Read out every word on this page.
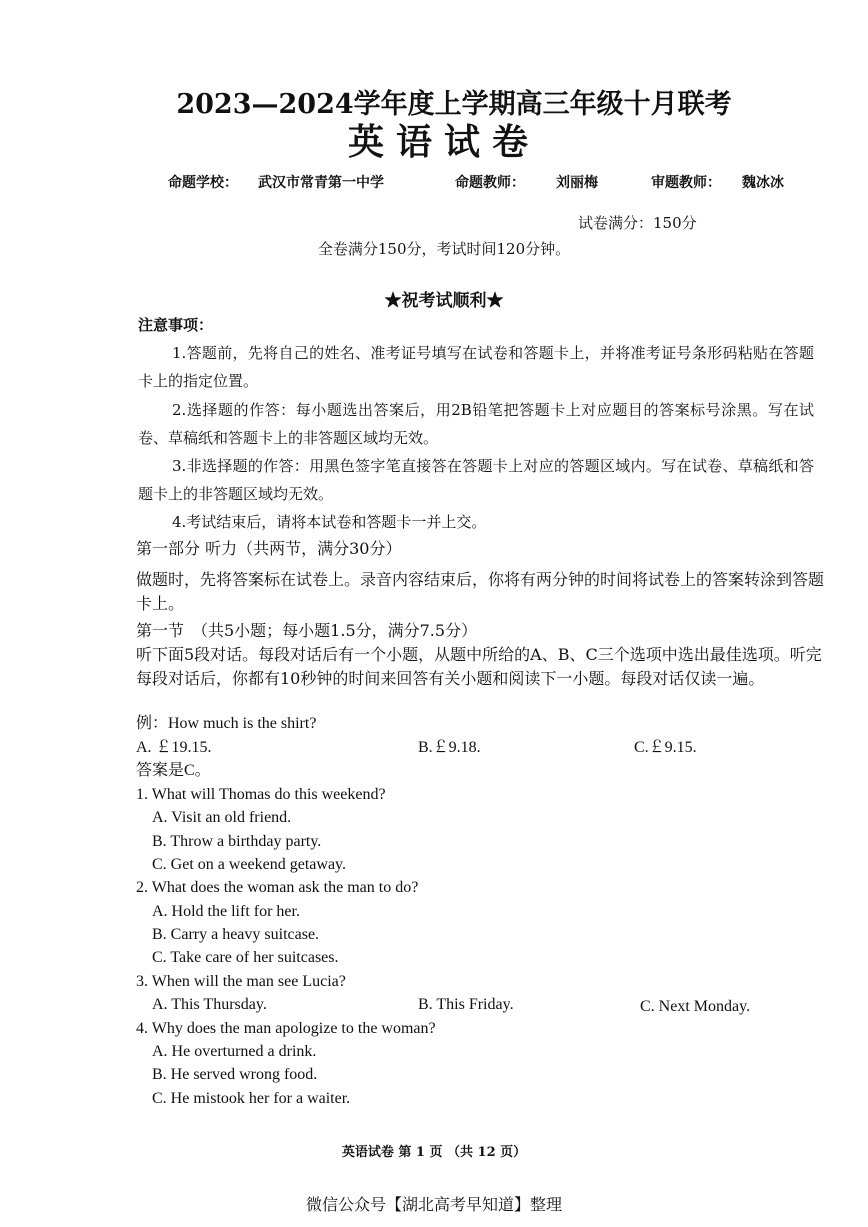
2023—2024学年度上学期高三年级十月联考
英语试卷
命题学校： 武汉市常青第一中学	命题教师： 刘丽梅	审题教师： 魏冰冰
试卷满分：150分
全卷满分150分，考试时间120分钟。
★祝考试顺利★
注意事项：
1.答题前，先将自己的姓名、准考证号填写在试卷和答题卡上，并将准考证号条形码粘贴在答题卡上的指定位置。
2.选择题的作答：每小题选出答案后，用2B铅笔把答题卡上对应题目的答案标号涂黑。写在试卷、草稿纸和答题卡上的非答题区域均无效。
3.非选择题的作答：用黑色签字笔直接答在答题卡上对应的答题区域内。写在试卷、草稿纸和答题卡上的非答题区域均无效。
4.考试结束后，请将本试卷和答题卡一并上交。
第一部分 听力（共两节，满分30分）
做题时，先将答案标在试卷上。录音内容结束后，你将有两分钟的时间将试卷上的答案转涂到答题卡上。
第一节　（共5小题；每小题1.5分，满分7.5分）
听下面5段对话。每段对话后有一个小题，从题中所给的A、B、C三个选项中选出最佳选项。听完每段对话后，你都有10秒钟的时间来回答有关小题和阅读下一小题。每段对话仅读一遍。
例：How much is the shirt?
A. ￡19.15.	B.￡9.18.	C.￡9.15.
答案是C。
1. What will Thomas do this weekend?
A. Visit an old friend.
B. Throw a birthday party.
C. Get on a weekend getaway.
2. What does the woman ask the man to do?
A. Hold the lift for her.
B. Carry a heavy suitcase.
C. Take care of her suitcases.
3. When will the man see Lucia?
A. This Thursday.	B. This Friday.	C. Next Monday.
4. Why does the man apologize to the woman?
A. He overturned a drink.
B. He served wrong food.
C. He mistook her for a waiter.
英语试卷 第 1 页 （共 12 页）
微信公众号【湖北高考早知道】整理
